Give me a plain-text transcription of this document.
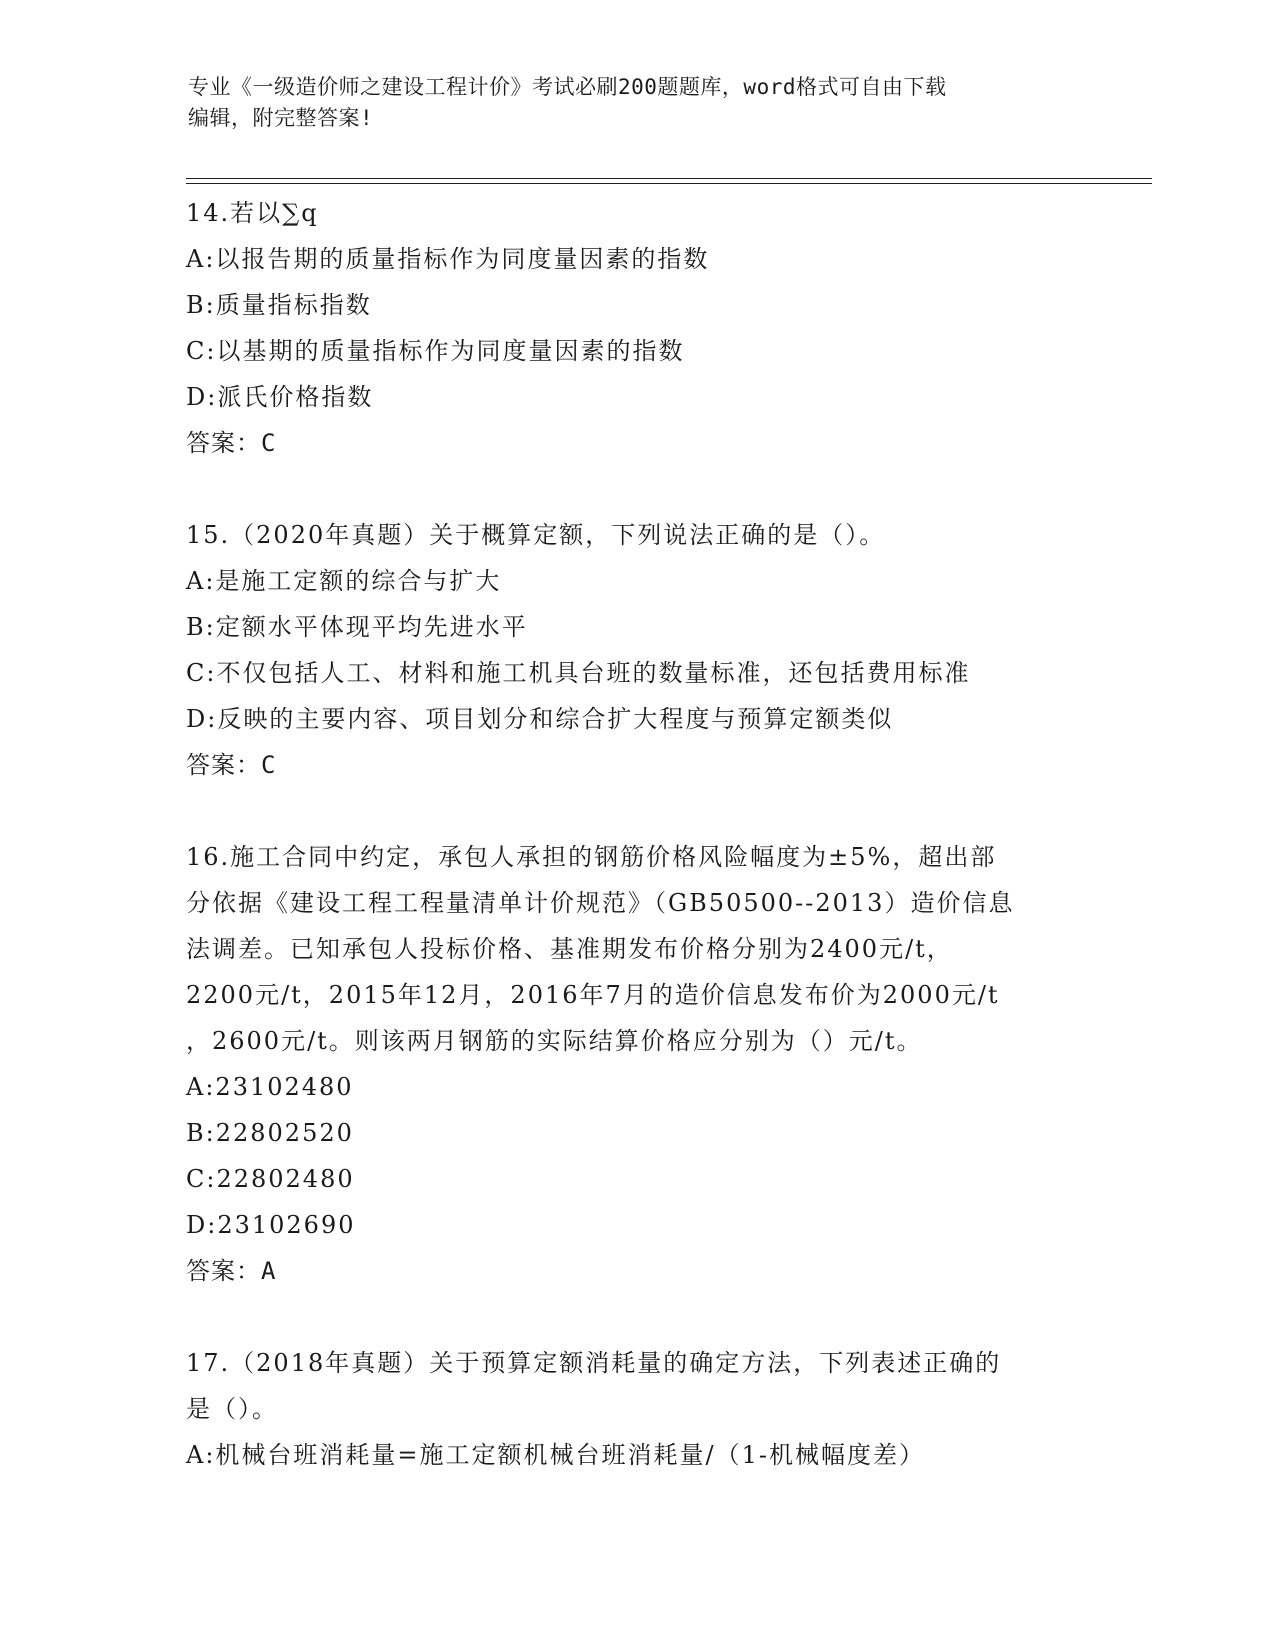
专业《一级造价师之建设工程计价》考试必刷200题题库，word格式可自由下载
编辑，附完整答案!
14.若以∑q
A:以报告期的质量指标作为同度量因素的指数
B:质量指标指数
C:以基期的质量指标作为同度量因素的指数
D:派氏价格指数
答案：C
15.（2020年真题）关于概算定额，下列说法正确的是（）。
A:是施工定额的综合与扩大
B:定额水平体现平均先进水平
C:不仅包括人工、材料和施工机具台班的数量标准，还包括费用标准
D:反映的主要内容、项目划分和综合扩大程度与预算定额类似
答案：C
16.施工合同中约定，承包人承担的钢筋价格风险幅度为±5%，超出部
分依据《建设工程工程量清单计价规范》（GB50500--2013）造价信息
法调差。已知承包人投标价格、基准期发布价格分别为2400元/t，
2200元/t，2015年12月，2016年7月的造价信息发布价为2000元/t
，2600元/t。则该两月钢筋的实际结算价格应分别为（）元/t。
A:23102480
B:22802520
C:22802480
D:23102690
答案：A
17.（2018年真题）关于预算定额消耗量的确定方法，下列表述正确的
是（）。
A:机械台班消耗量=施工定额机械台班消耗量/（1-机械幅度差）
